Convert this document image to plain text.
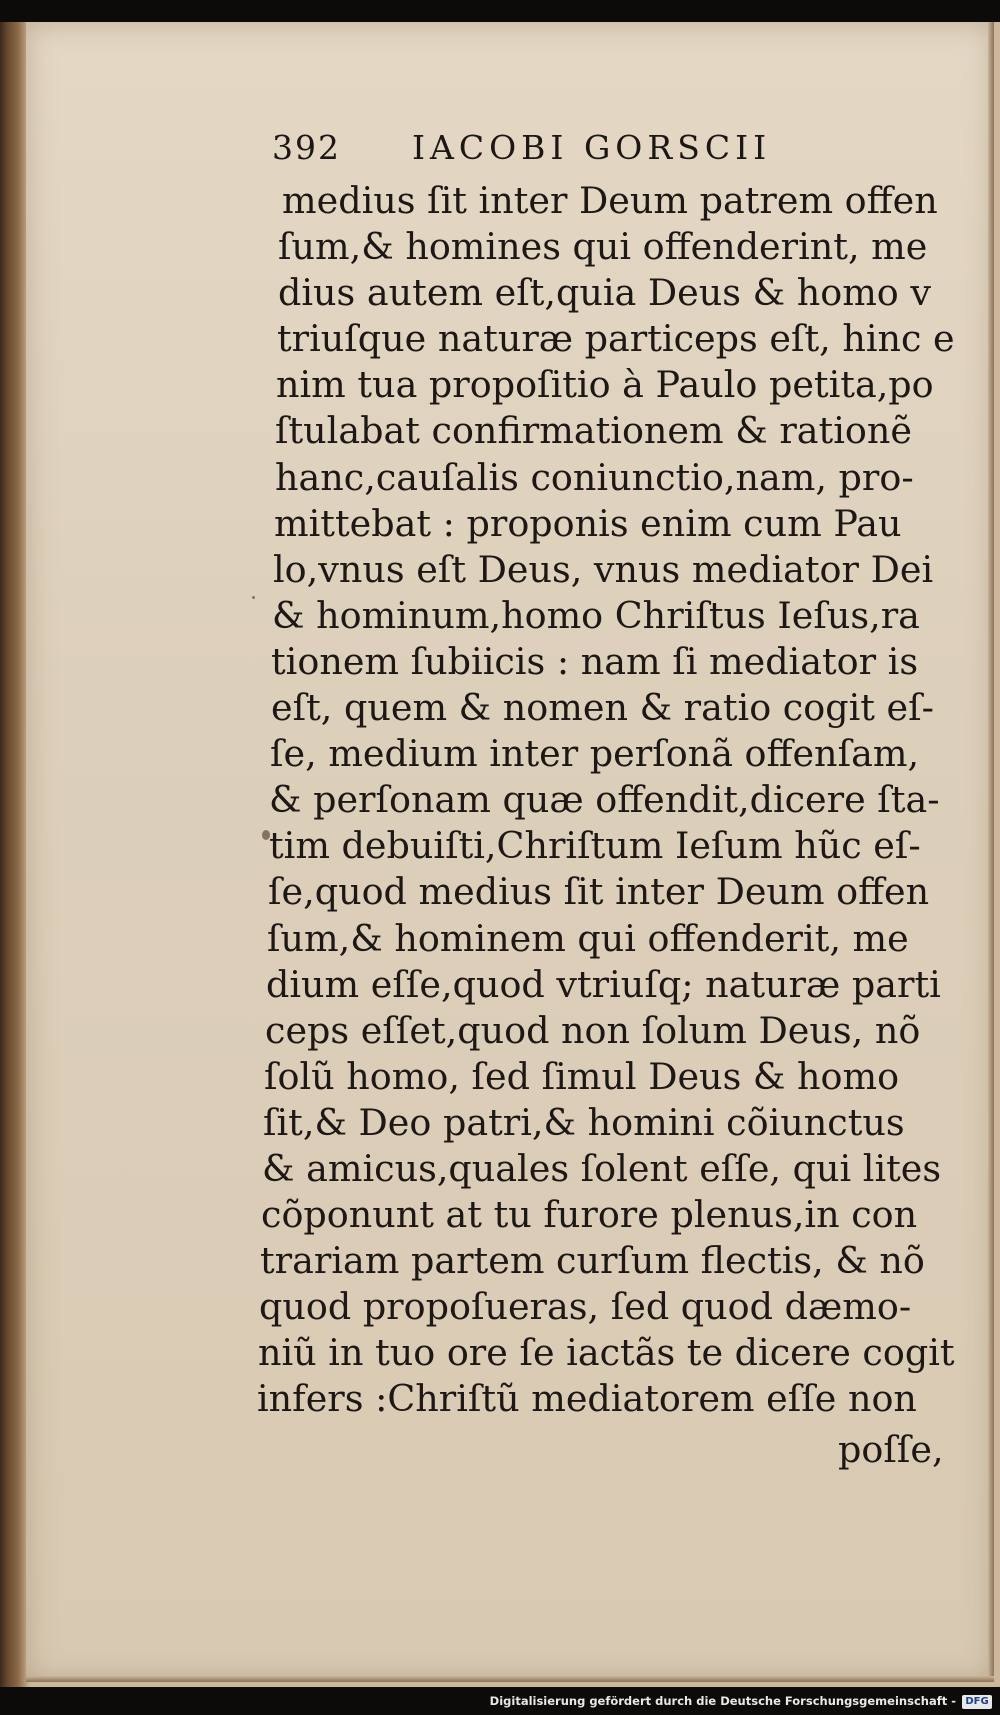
392 IACOBI GORSCII
medius ſit inter Deum patrem offen
ſum,& homines qui offenderint, me
dius autem eſt,quia Deus & homo v
triuſque naturæ particeps eſt, hinc e
nim tua propoſitio à Paulo petita,po
ſtulabat confirmationem & rationẽ
hanc,cauſalis coniunctio,nam, pro-
mittebat : proponis enim cum Pau
lo,vnus eſt Deus, vnus mediator Dei
& hominum,homo Chriſtus Ieſus,ra
tionem ſubiicis : nam ſi mediator is
eſt, quem & nomen & ratio cogit eſ-
ſe, medium inter perſonã offenſam,
& perſonam quæ offendit,dicere ſta-
tim debuiſti,Chriſtum Ieſum hũc eſ-
ſe,quod medius ſit inter Deum offen
ſum,& hominem qui offenderit, me
dium eſſe,quod vtriuſq; naturæ parti
ceps eſſet,quod non ſolum Deus, nõ
ſolũ homo, ſed ſimul Deus & homo
ſit,& Deo patri,& homini cõiunctus
& amicus,quales ſolent eſſe, qui lites
cõponunt at tu furore plenus,in con
trariam partem curſum flectis, & nõ
quod propoſueras, ſed quod dæmo-
niũ in tuo ore ſe iactãs te dicere cogit
infers :Chriſtũ mediatorem eſſe non
poſſe,
Digitalisierung gefördert durch die Deutsche Forschungsgemeinschaft - DFG
